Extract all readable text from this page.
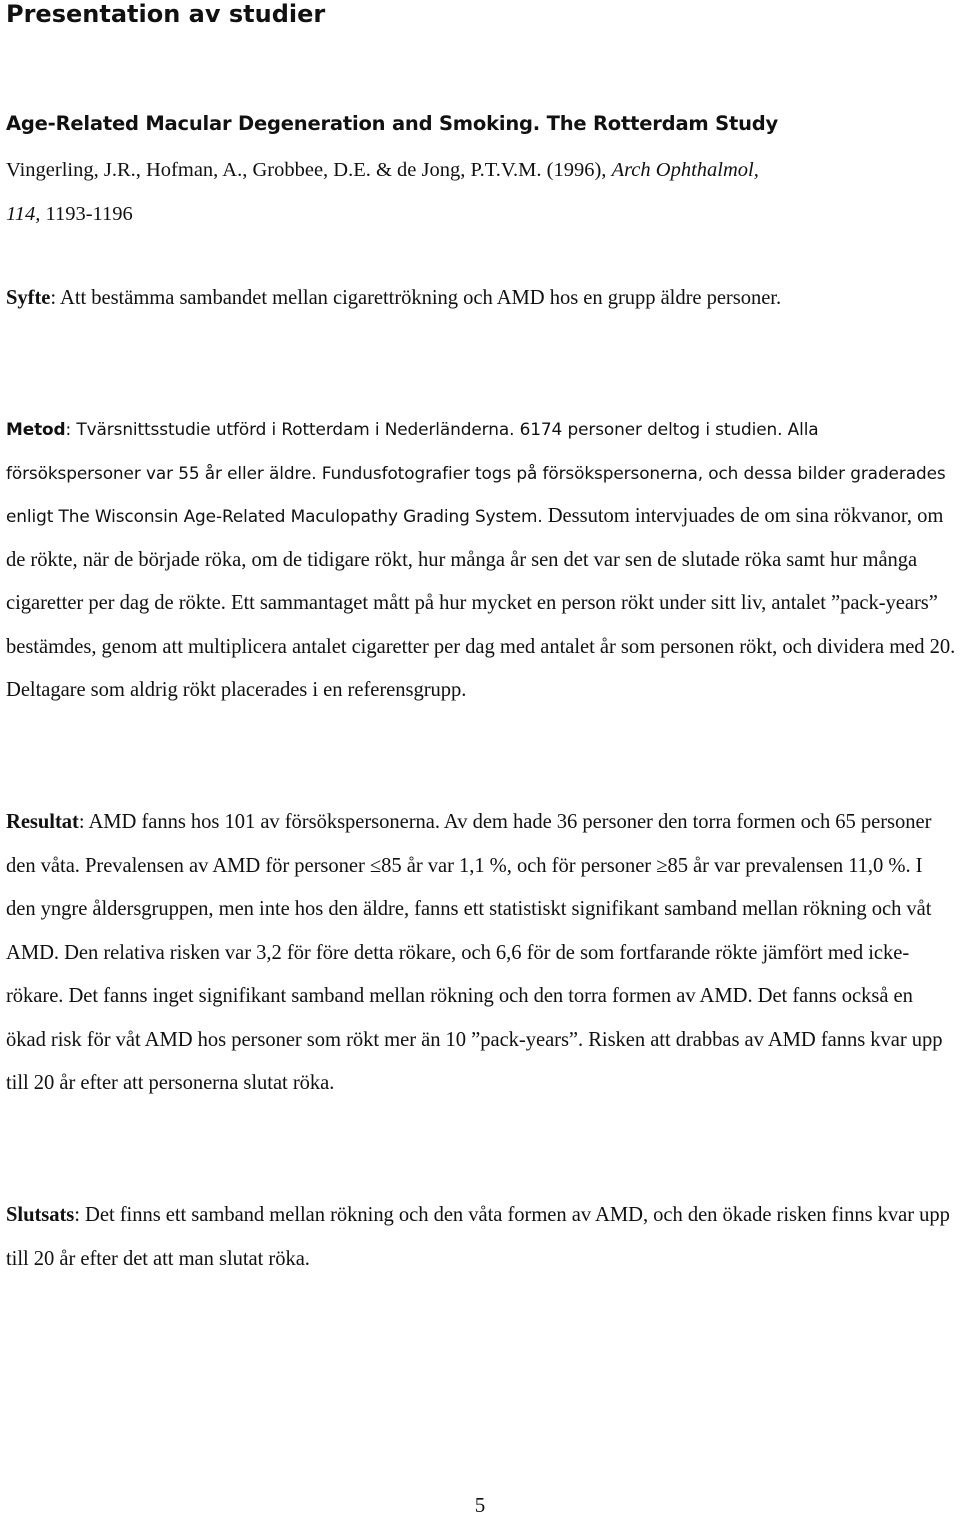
Presentation av studier

Age-Related Macular Degeneration and Smoking. The Rotterdam Study

Vingerling, J.R., Hofman, A., Grobbee, D.E. & de Jong, P.T.V.M. (1996), Arch Ophthalmol,
114, 1193-1196

Syfte: Att bestämma sambandet mellan cigarettrökning och AMD hos en grupp äldre personer.

Metod: Tvärsnittsstudie utförd i Rotterdam i Nederländerna. 6174 personer deltog i studien. Alla försökspersoner var 55 år eller äldre. Fundusfotografier togs på försökspersonerna, och dessa bilder graderades enligt The Wisconsin Age-Related Maculopathy Grading System. Dessutom intervjuades de om sina rökvanor, om de rökte, när de började röka, om de tidigare rökt, hur många år sen det var sen de slutade röka samt hur många cigaretter per dag de rökte. Ett sammantaget mått på hur mycket en person rökt under sitt liv, antalet ”pack-years” bestämdes, genom att multiplicera antalet cigaretter per dag med antalet år som personen rökt, och dividera med 20. Deltagare som aldrig rökt placerades i en referensgrupp.

Resultat: AMD fanns hos 101 av försökspersonerna. Av dem hade 36 personer den torra formen och 65 personer den våta. Prevalensen av AMD för personer ≤85 år var 1,1 %, och för personer ≥85 år var prevalensen 11,0 %. I den yngre åldersgruppen, men inte hos den äldre, fanns ett statistiskt signifikant samband mellan rökning och våt AMD. Den relativa risken var 3,2 för före detta rökare, och 6,6 för de som fortfarande rökte jämfört med icke-rökare. Det fanns inget signifikant samband mellan rökning och den torra formen av AMD. Det fanns också en ökad risk för våt AMD hos personer som rökt mer än 10 ”pack-years”. Risken att drabbas av AMD fanns kvar upp till 20 år efter att personerna slutat röka.

Slutsats: Det finns ett samband mellan rökning och den våta formen av AMD, och den ökade risken finns kvar upp till 20 år efter det att man slutat röka.

5
